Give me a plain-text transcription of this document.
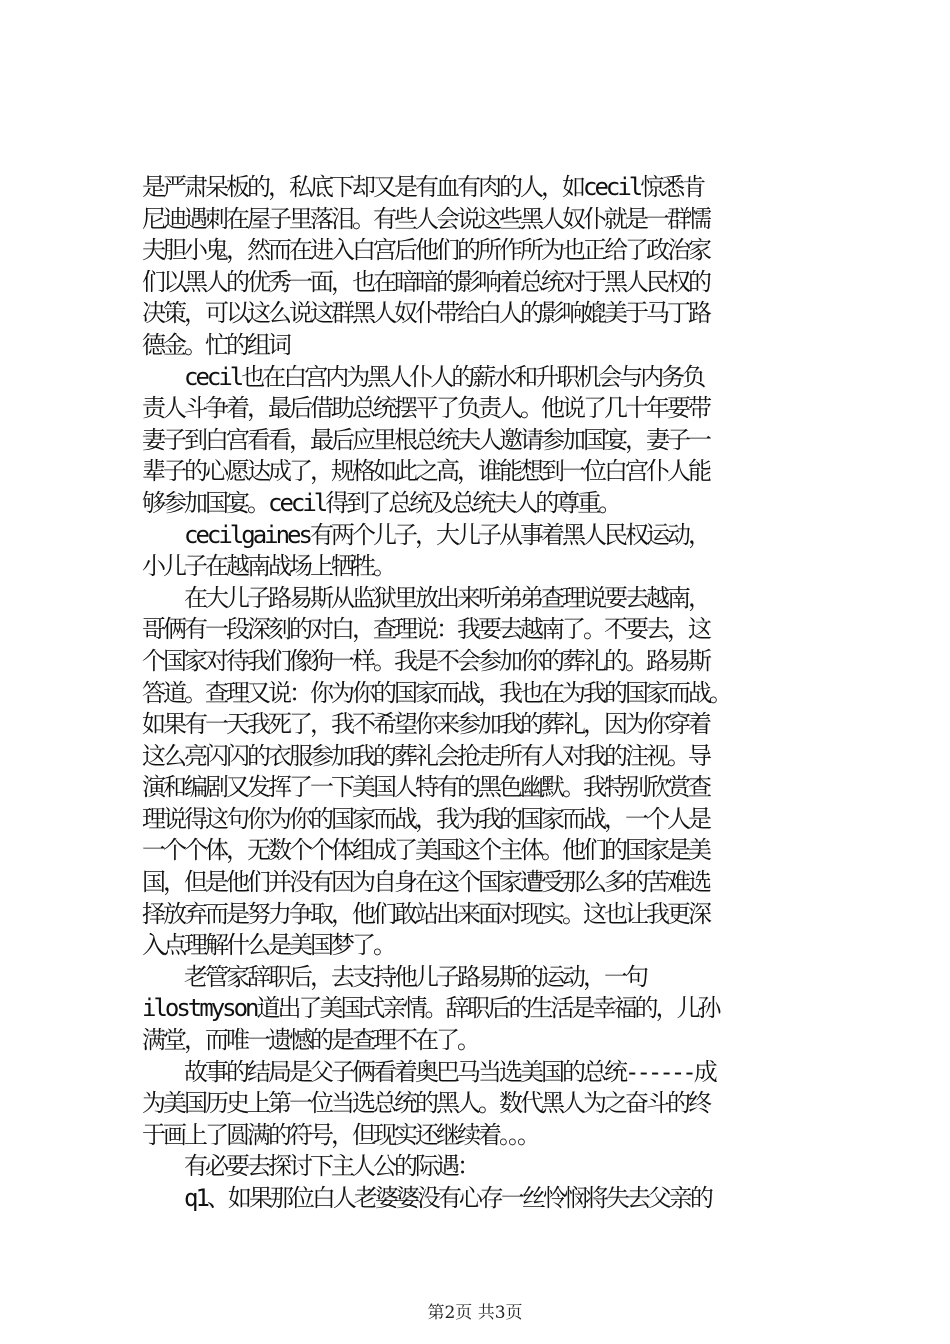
是严肃呆板的，私底下却又是有血有肉的人，如cecil惊悉肯
尼迪遇刺在屋子里落泪。有些人会说这些黑人奴仆就是一群懦
夫胆小鬼，然而在进入白宫后他们的所作所为也正给了政治家
们以黑人的优秀一面，也在暗暗的影响着总统对于黑人民权的
决策，可以这么说这群黑人奴仆带给白人的影响媲美于马丁路
德金。忙的组词
　　cecil也在白宫内为黑人仆人的薪水和升职机会与内务负
责人斗争着，最后借助总统摆平了负责人。他说了几十年要带
妻子到白宫看看，最后应里根总统夫人邀请参加国宴，妻子一
辈子的心愿达成了，规格如此之高，谁能想到一位白宫仆人能
够参加国宴。cecil得到了总统及总统夫人的尊重。
　　cecilgaines有两个儿子，大儿子从事着黑人民权运动，
小儿子在越南战场上牺牲。
　　在大儿子路易斯从监狱里放出来听弟弟查理说要去越南，
哥俩有一段深刻的对白，查理说：我要去越南了。不要去，这
个国家对待我们像狗一样。我是不会参加你的葬礼的。路易斯
答道。查理又说：你为你的国家而战，我也在为我的国家而战。
如果有一天我死了，我不希望你来参加我的葬礼，因为你穿着
这么亮闪闪的衣服参加我的葬礼会抢走所有人对我的注视。导
演和编剧又发挥了一下美国人特有的黑色幽默。我特别欣赏查
理说得这句你为你的国家而战，我为我的国家而战，一个人是
一个个体，无数个个体组成了美国这个主体。他们的国家是美
国，但是他们并没有因为自身在这个国家遭受那么多的苦难选
择放弃而是努力争取，他们敢站出来面对现实。这也让我更深
入点理解什么是美国梦了。
　　老管家辞职后，去支持他儿子路易斯的运动，一句
ilostmyson道出了美国式亲情。辞职后的生活是幸福的，儿孙
满堂，而唯一遗憾的是查理不在了。
　　故事的结局是父子俩看着奥巴马当选美国的总统------成
为美国历史上第一位当选总统的黑人。数代黑人为之奋斗的终
于画上了圆满的符号，但现实还继续着。。。
　　有必要去探讨下主人公的际遇：
　　q1、如果那位白人老婆婆没有心存一丝怜悯将失去父亲的
第2页 共3页
